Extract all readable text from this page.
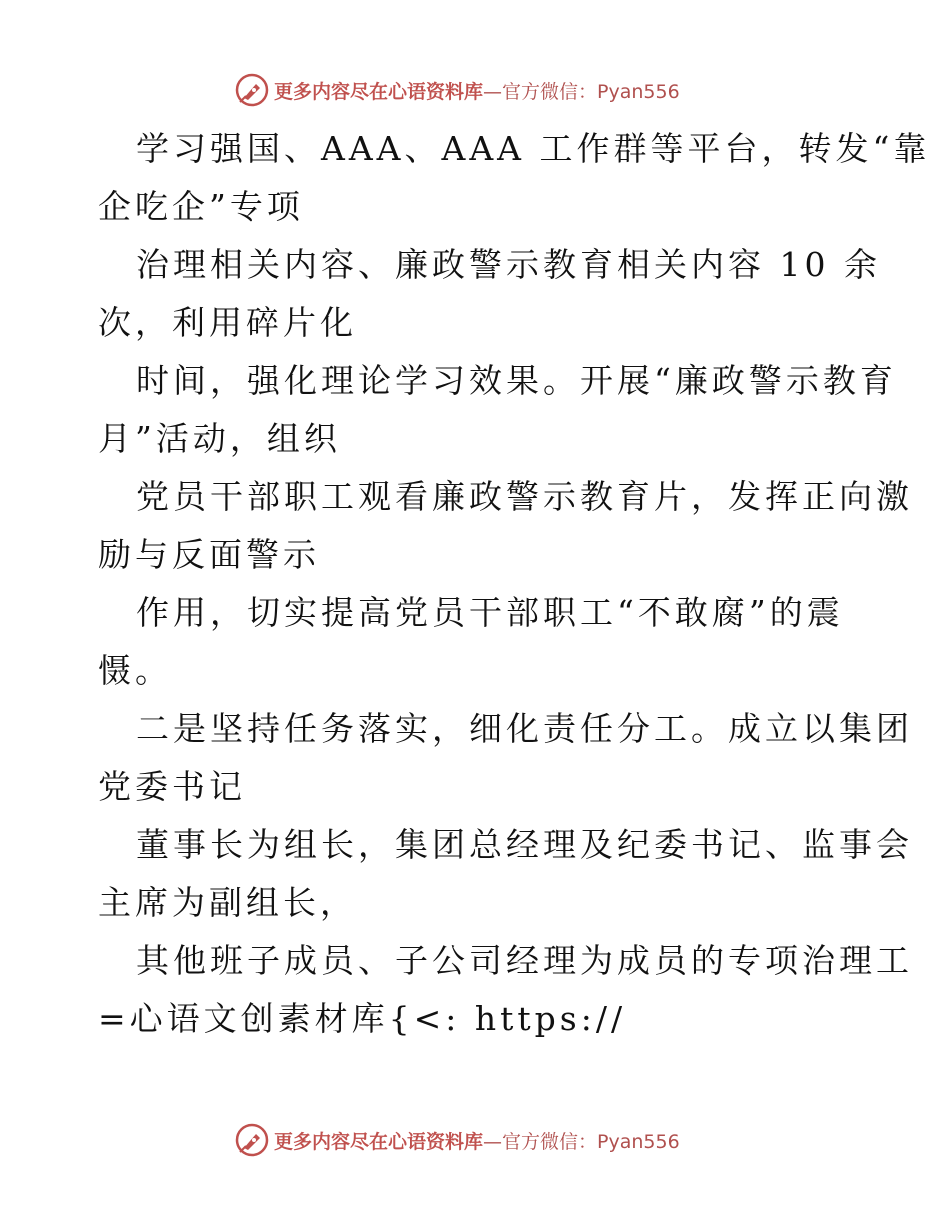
更多内容尽在心语资料库 —官方微信：Pyan556
学习强国、AAA、AAA 工作群等平台，转发“靠
企吃企”专项
治理相关内容、廉政警示教育相关内容 10 余
次，利用碎片化
时间，强化理论学习效果。开展“廉政警示教育
月”活动，组织
党员干部职工观看廉政警示教育片，发挥正向激
励与反面警示
作用，切实提高党员干部职工“不敢腐”的震
慑。
二是坚持任务落实，细化责任分工。成立以集团
党委书记
董事长为组长，集团总经理及纪委书记、监事会
主席为副组长，
其他班子成员、子公司经理为成员的专项治理工
=心语文创素材库{<: https://
更多内容尽在心语资料库 —官方微信：Pyan556
